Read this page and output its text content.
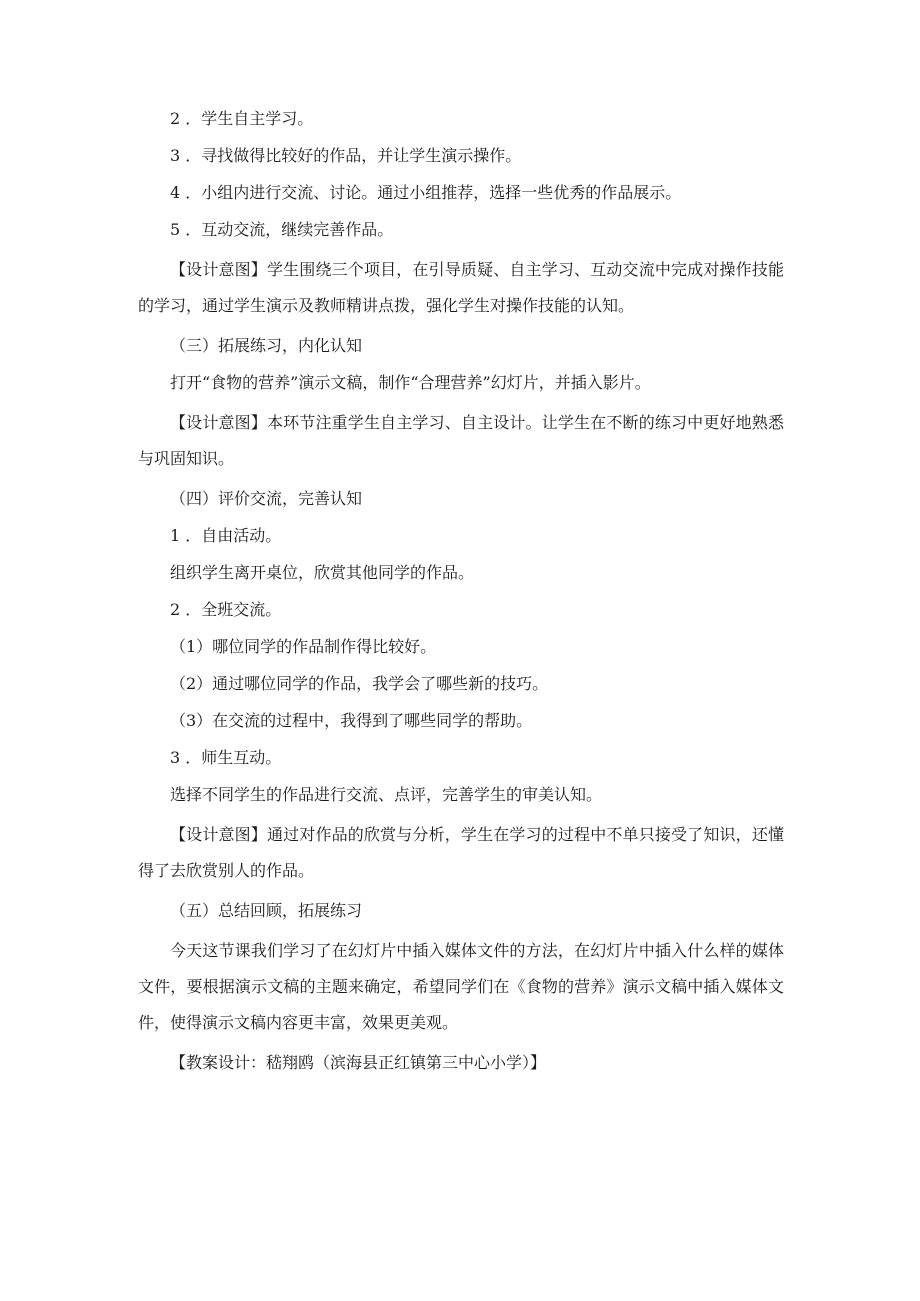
2 ．学生自主学习。

3 ．寻找做得比较好的作品，并让学生演示操作。

4 ．小组内进行交流、讨论。通过小组推荐，选择一些优秀的作品展示。

5 ．互动交流，继续完善作品。

【设计意图】学生围绕三个项目，在引导质疑、自主学习、互动交流中完成对操作技能的学习，通过学生演示及教师精讲点拨，强化学生对操作技能的认知。

（三）拓展练习，内化认知

打开“食物的营养”演示文稿，制作“合理营养”幻灯片，并插入影片。

【设计意图】本环节注重学生自主学习、自主设计。让学生在不断的练习中更好地熟悉与巩固知识。

（四）评价交流，完善认知

1 ．自由活动。

组织学生离开桌位，欣赏其他同学的作品。

2 ．全班交流。

（1）哪位同学的作品制作得比较好。

（2）通过哪位同学的作品，我学会了哪些新的技巧。

（3）在交流的过程中，我得到了哪些同学的帮助。

3 ．师生互动。

选择不同学生的作品进行交流、点评，完善学生的审美认知。

【设计意图】通过对作品的欣赏与分析，学生在学习的过程中不单只接受了知识，还懂得了去欣赏别人的作品。

（五）总结回顾，拓展练习

今天这节课我们学习了在幻灯片中插入媒体文件的方法，在幻灯片中插入什么样的媒体文件，要根据演示文稿的主题来确定，希望同学们在《食物的营养》演示文稿中插入媒体文件，使得演示文稿内容更丰富，效果更美观。

【教案设计：嵇翔鸥（滨海县正红镇第三中心小学）】
